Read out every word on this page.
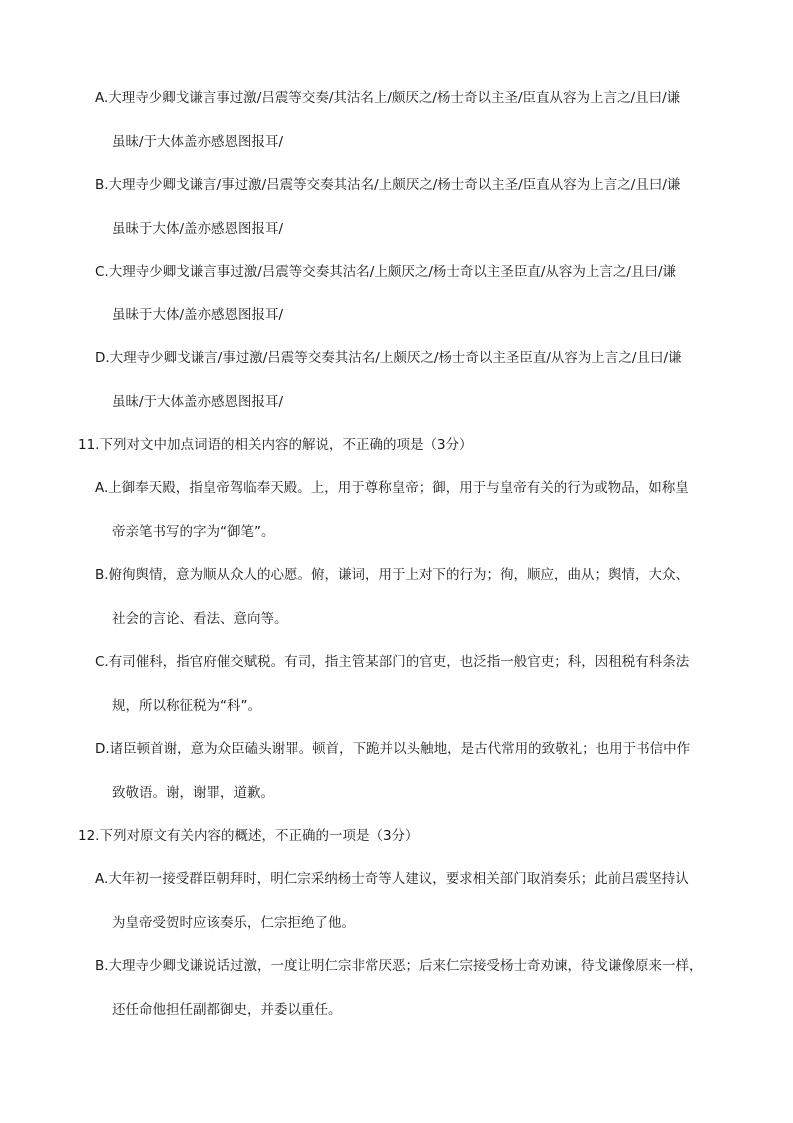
A.大理寺少卿戈谦言事过激/吕震等交奏/其沽名上/颇厌之/杨士奇以主圣/臣直从容为上言之/且曰/谦
虽昧/于大体盖亦感恩图报耳/
B.大理寺少卿戈谦言/事过激/吕震等交奏其沽名/上颇厌之/杨士奇以主圣/臣直从容为上言之/且曰/谦
虽昧于大体/盖亦感恩图报耳/
C.大理寺少卿戈谦言事过激/吕震等交奏其沽名/上颇厌之/杨士奇以主圣臣直/从容为上言之/且曰/谦
虽昧于大体/盖亦感恩图报耳/
D.大理寺少卿戈谦言/事过激/吕震等交奏其沽名/上颇厌之/杨士奇以主圣臣直/从容为上言之/且曰/谦
虽昧/于大体盖亦感恩图报耳/
11.下列对文中加点词语的相关内容的解说，不正确的项是（3分）
A.上御奉天殿，指皇帝驾临奉天殿。上，用于尊称皇帝；御，用于与皇帝有关的行为或物品，如称皇
帝亲笔书写的字为“御笔”。
B.俯徇舆情，意为顺从众人的心愿。俯，谦词，用于上对下的行为；徇，顺应，曲从；舆情，大众、
社会的言论、看法、意向等。
C.有司催科，指官府催交赋税。有司，指主管某部门的官吏，也泛指一般官吏；科，因租税有科条法
规，所以称征税为“科”。
D.诸臣顿首谢，意为众臣磕头谢罪。顿首，下跪并以头触地，是古代常用的致敬礼；也用于书信中作
致敬语。谢，谢罪，道歉。
12.下列对原文有关内容的概述，不正确的一项是（3分）
A.大年初一接受群臣朝拜时，明仁宗采纳杨士奇等人建议，要求相关部门取消奏乐；此前吕震坚持认
为皇帝受贺时应该奏乐，仁宗拒绝了他。
B.大理寺少卿戈谦说话过激，一度让明仁宗非常厌恶；后来仁宗接受杨士奇劝谏，待戈谦像原来一样，
还任命他担任副都御史，并委以重任。
